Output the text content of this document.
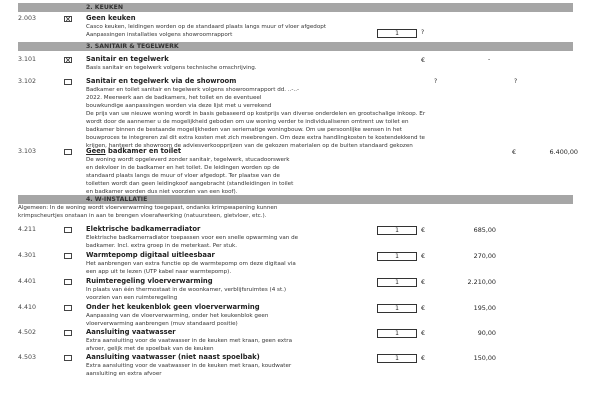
2. KEUKEN
2.003	Geen keuken
Casco keuken, leidingen worden op de standaard plaats langs muur of vloer afgedopt
Aanpassingen installaties volgens showroomrapport	1	?
3. SANITAIR & TEGELWERK
3.101	Sanitair en tegelwerk
Basis sanitair en tegelwerk volgens technische omschrijving.
€	-
3.102	Sanitair en tegelwerk via de showroom	?	?
Badkamer en toilet sanitair en tegelwerk volgens showroomrapport dd. ..-..-
2022. Meerwerk aan de badkamers, het toilet en de eventueel
bouwkundige aanpassingen worden via deze lijst met u verrekend
De prijs van uw nieuwe woning wordt in basis gebaseerd op kostprijs van diverse onderdelen en grootschalige inkoop. Er
wordt door de aannemer u de mogelijkheid geboden om uw woning verder te individualiseren omtrent uw toilet en
badkamer binnen de bestaande mogelijkheden van seriematige woningbouw. Om uw persoonlijke wensen in het
bouwproces te integreren zal dit extra kosten met zich meebrengen. Om deze extra handlingkosten te kostendekkend te
krijgen, hanteert de showroom de adviesverkoopprijzen van de gekozen materialen op de buiten standaard gekozen
3.103	Geen badkamer en toilet	€	6.400,00
De woning wordt opgeleverd zonder sanitair, tegelwerk, stucadoorswerk
en dekvloer in de badkamer en het toilet. De leidingen worden op de
standaard plaats langs de muur of vloer afgedopt. Ter plaatse van de
toiletten wordt dan geen leidingkoof aangebracht (standleidingen in toilet
en badkamer worden dus niet voorzien van een koof).
4. W-INSTALLATIE
Algemeen: In de woning wordt vloerverwarming toegepast, ondanks krimpwapening kunnen
krimpscheurtjes onstaan in aan te brengen vloerafwerking (natuursteen, gietvloer, etc.).
4.211	Elektrische badkamerradiator	1	€	685,00
Elektrische badkamerradiator toepassen voor een snelle opwarming van de
badkamer. Incl. extra groep in de meterkast. Per stuk.
4.301	Warmtepomp digitaal uitleesbaar	1	€	270,00
Het aanbrengen van extra functie op de warmtepomp om deze digitaal via
een app uit te lezen (UTP kabel naar warmtepomp).
4.401	Ruimteregeling vloerverwarming	1	€	2.210,00
In plaats van één thermostaat in de woonkamer, verblijfsruimtes (4 st.)
voorzien van een ruimteregeling
4.410	Onder het keukenblok geen vloerverwarming	1	€	195,00
Aanpassing van de vloerverwarming, onder het keukenblok geen
vloerverwarming aanbrengen (muv standaard positie)
4.502	Aansluiting vaatwasser	1	€	90,00
Extra aansluiting voor de vaatwasser in de keuken met kraan, geen extra
afvoer, gelijk met de spoelbak van de keuken
4.503	Aansluiting vaatwasser (niet naast spoelbak)	1	€	150,00
Extra aansluiting voor de vaatwasser in de keuken met kraan, koudwater
aansluiting en extra afvoer
